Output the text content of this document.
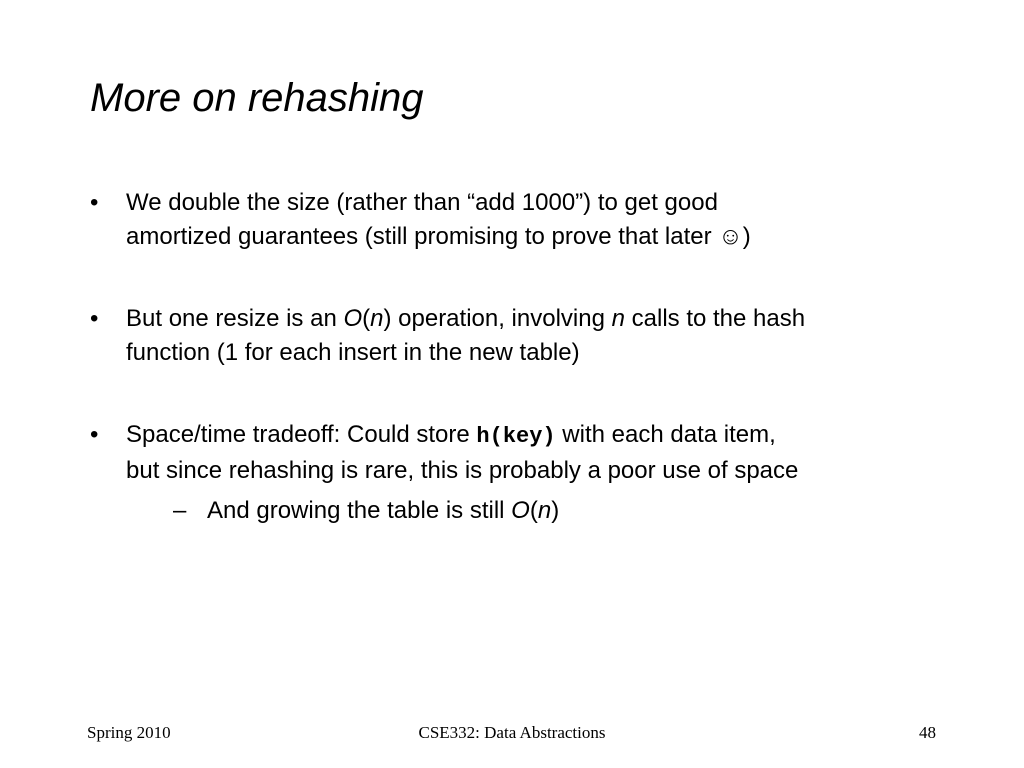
More on rehashing
•	We double the size (rather than “add 1000”) to get good
amortized guarantees (still promising to prove that later ☺)
•	But one resize is an O(n) operation, involving n calls to the hash
function (1 for each insert in the new table)
•	Space/time tradeoff: Could store h(key) with each data item,
but since rehashing is rare, this is probably a poor use of space
– And growing the table is still O(n)
Spring 2010	CSE332: Data Abstractions	48
